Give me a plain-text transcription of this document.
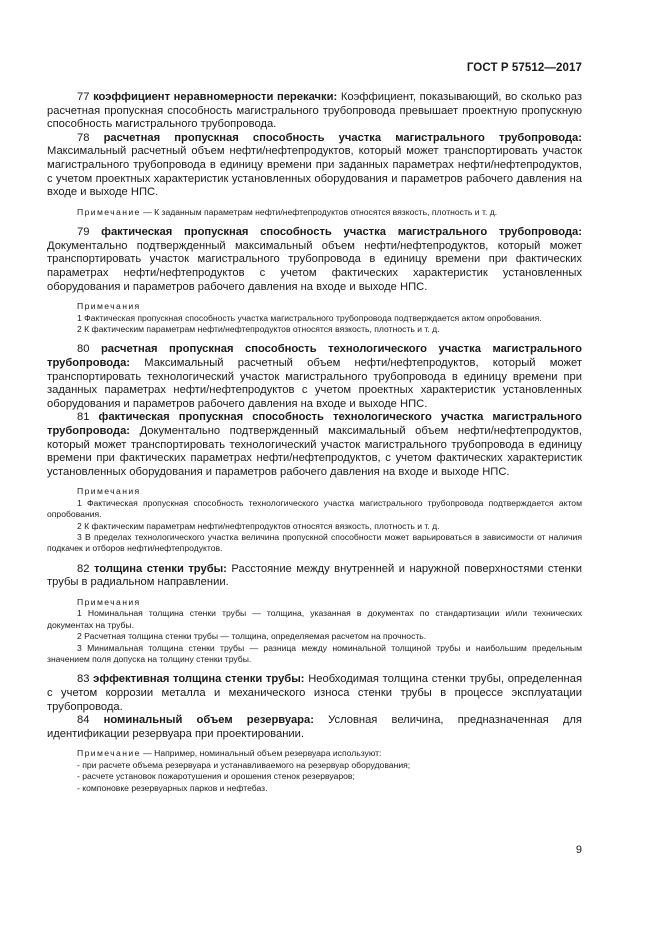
ГОСТ Р 57512—2017

77 коэффициент неравномерности перекачки: Коэффициент, показывающий, во сколько раз расчетная пропускная способность магистрального трубопровода превышает проектную пропускную способность магистрального трубопровода.

78 расчетная пропускная способность участка магистрального трубопровода: Максимальный расчетный объем нефти/нефтепродуктов, который может транспортировать участок магистрального трубопровода в единицу времени при заданных параметрах нефти/нефтепродуктов, с учетом проектных характеристик установленных оборудования и параметров рабочего давления на входе и выходе НПС.

Примечание — К заданным параметрам нефти/нефтепродуктов относятся вязкость, плотность и т. д.

79 фактическая пропускная способность участка магистрального трубопровода: Документально подтвержденный максимальный объем нефти/нефтепродуктов, который может транспортировать участок магистрального трубопровода в единицу времени при фактических параметрах нефти/нефтепродуктов с учетом фактических характеристик установленных оборудования и параметров рабочего давления на входе и выходе НПС.

Примечания

1 Фактическая пропускная способность участка магистрального трубопровода подтверждается актом опробования.

2 К фактическим параметрам нефти/нефтепродуктов относятся вязкость, плотность и т. д.

80 расчетная пропускная способность технологического участка магистрального трубопровода: Максимальный расчетный объем нефти/нефтепродуктов, который может транспортировать технологический участок магистрального трубопровода в единицу времени при заданных параметрах нефти/нефтепродуктов с учетом проектных характеристик установленных оборудования и параметров рабочего давления на входе и выходе НПС.

81 фактическая пропускная способность технологического участка магистрального трубопровода: Документально подтвержденный максимальный объем нефти/нефтепродуктов, который может транспортировать технологический участок магистрального трубопровода в единицу времени при фактических параметрах нефти/нефтепродуктов, с учетом фактических характеристик установленных оборудования и параметров рабочего давления на входе и выходе НПС.

Примечания

1 Фактическая пропускная способность технологического участка магистрального трубопровода подтверждается актом опробования.

2 К фактическим параметрам нефти/нефтепродуктов относятся вязкость, плотность и т. д.

3 В пределах технологического участка величина пропускной способности может варьироваться в зависимости от наличия подкачек и отборов нефти/нефтепродуктов.

82 толщина стенки трубы: Расстояние между внутренней и наружной поверхностями стенки трубы в радиальном направлении.

Примечания

1 Номинальная толщина стенки трубы — толщина, указанная в документах по стандартизации и/или технических документах на трубы.

2 Расчетная толщина стенки трубы — толщина, определяемая расчетом на прочность.

3 Минимальная толщина стенки трубы — разница между номинальной толщиной трубы и наибольшим предельным значением поля допуска на толщину стенки трубы.

83 эффективная толщина стенки трубы: Необходимая толщина стенки трубы, определенная с учетом коррозии металла и механического износа стенки трубы в процессе эксплуатации трубопровода.

84 номинальный объем резервуара: Условная величина, предназначенная для идентификации резервуара при проектировании.

Примечание — Например, номинальный объем резервуара используют:

- при расчете объема резервуара и устанавливаемого на резервуар оборудования;

- расчете установок пожаротушения и орошения стенок резервуаров;

- компоновке резервуарных парков и нефтебаз.

9
